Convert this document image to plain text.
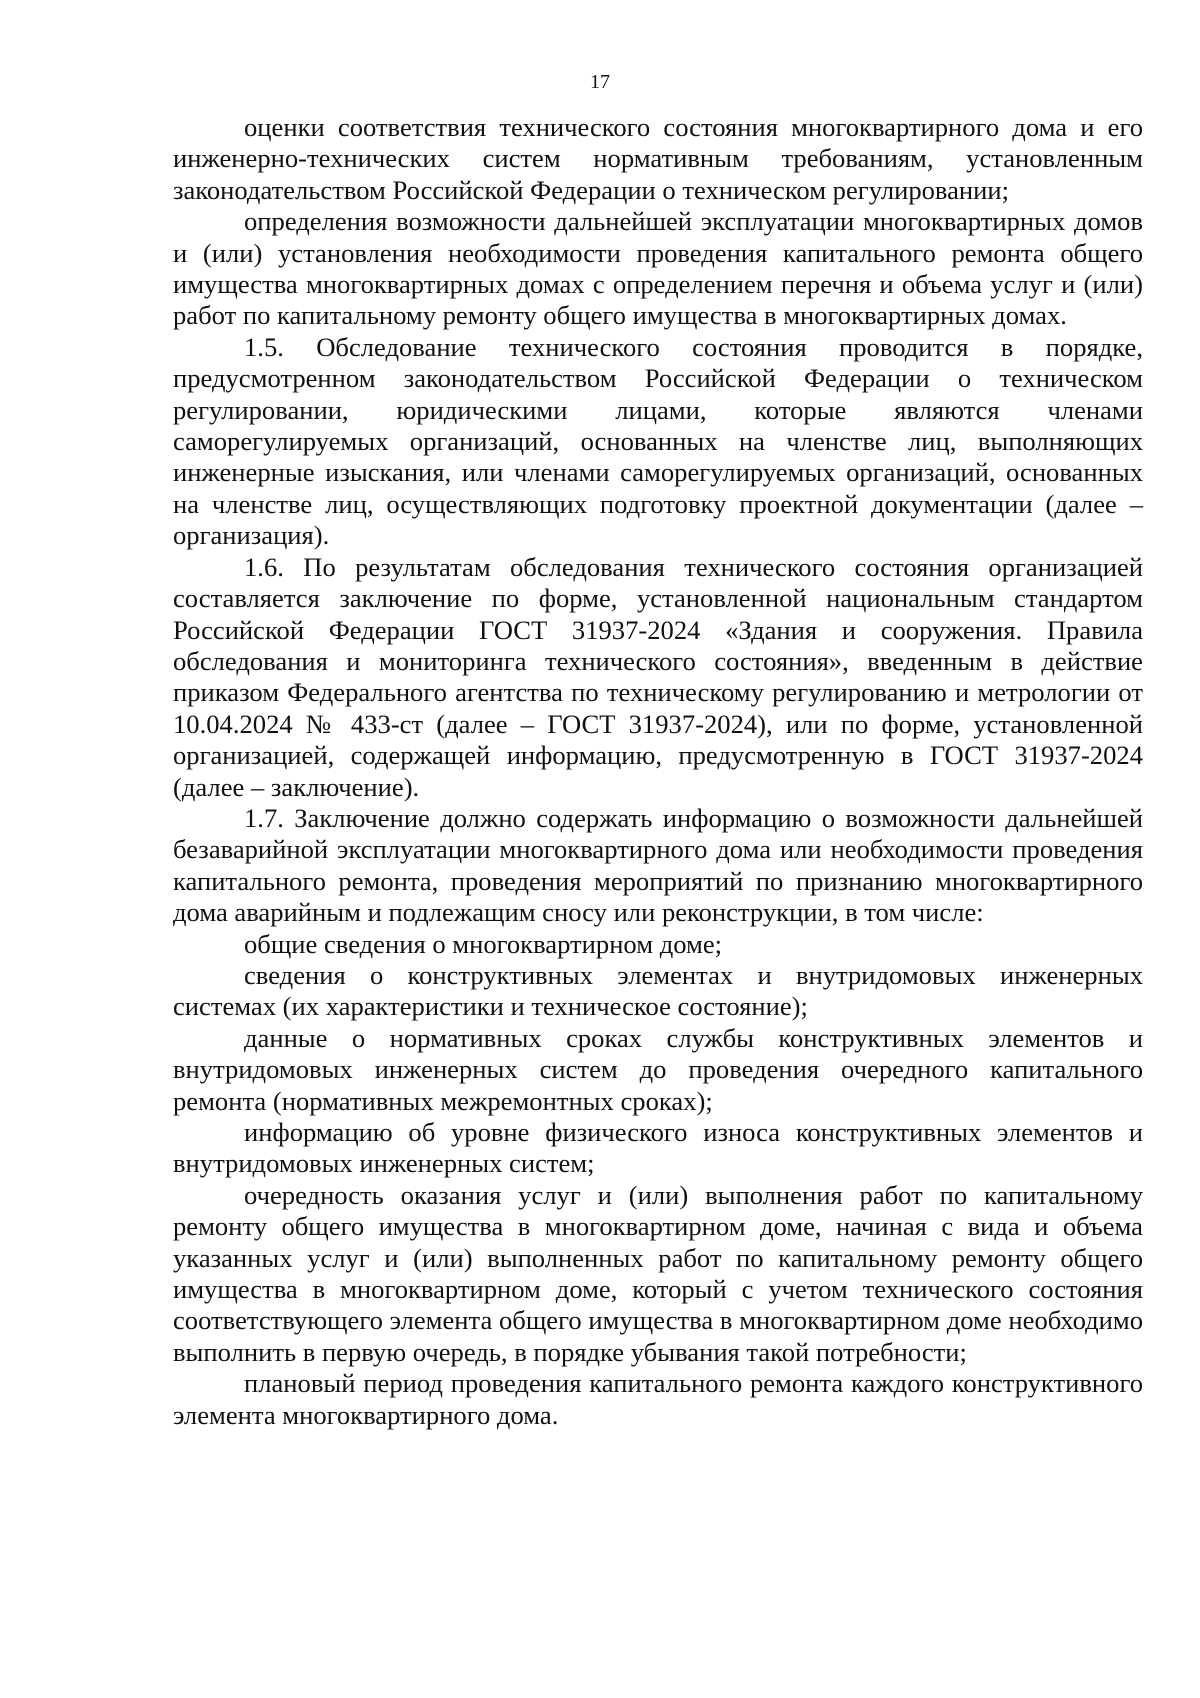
17

оценки соответствия технического состояния многоквартирного дома и его инженерно-технических систем нормативным требованиям, установленным законодательством Российской Федерации о техническом регулировании;

определения возможности дальнейшей эксплуатации многоквартирных домов и (или) установления необходимости проведения капитального ремонта общего имущества многоквартирных домах с определением перечня и объема услуг и (или) работ по капитальному ремонту общего имущества в многоквартирных домах.

1.5. Обследование технического состояния проводится в порядке, предусмотренном законодательством Российской Федерации о техническом регулировании, юридическими лицами, которые являются членами саморегулируемых организаций, основанных на членстве лиц, выполняющих инженерные изыскания, или членами саморегулируемых организаций, основанных на членстве лиц, осуществляющих подготовку проектной документации (далее – организация).

1.6. По результатам обследования технического состояния организацией составляется заключение по форме, установленной национальным стандартом Российской Федерации ГОСТ 31937-2024 «Здания и сооружения. Правила обследования и мониторинга технического состояния», введенным в действие приказом Федерального агентства по техническому регулированию и метрологии от 10.04.2024 № 433-ст (далее – ГОСТ 31937-2024), или по форме, установленной организацией, содержащей информацию, предусмотренную в ГОСТ 31937-2024 (далее – заключение).

1.7. Заключение должно содержать информацию о возможности дальнейшей безаварийной эксплуатации многоквартирного дома или необходимости проведения капитального ремонта, проведения мероприятий по признанию многоквартирного дома аварийным и подлежащим сносу или реконструкции, в том числе:

общие сведения о многоквартирном доме;

сведения о конструктивных элементах и внутридомовых инженерных системах (их характеристики и техническое состояние);

данные о нормативных сроках службы конструктивных элементов и внутридомовых инженерных систем до проведения очередного капитального ремонта (нормативных межремонтных сроках);

информацию об уровне физического износа конструктивных элементов и внутридомовых инженерных систем;

очередность оказания услуг и (или) выполнения работ по капитальному ремонту общего имущества в многоквартирном доме, начиная с вида и объема указанных услуг и (или) выполненных работ по капитальному ремонту общего имущества в многоквартирном доме, который с учетом технического состояния соответствующего элемента общего имущества в многоквартирном доме необходимо выполнить в первую очередь, в порядке убывания такой потребности;

плановый период проведения капитального ремонта каждого конструктивного элемента многоквартирного дома.
